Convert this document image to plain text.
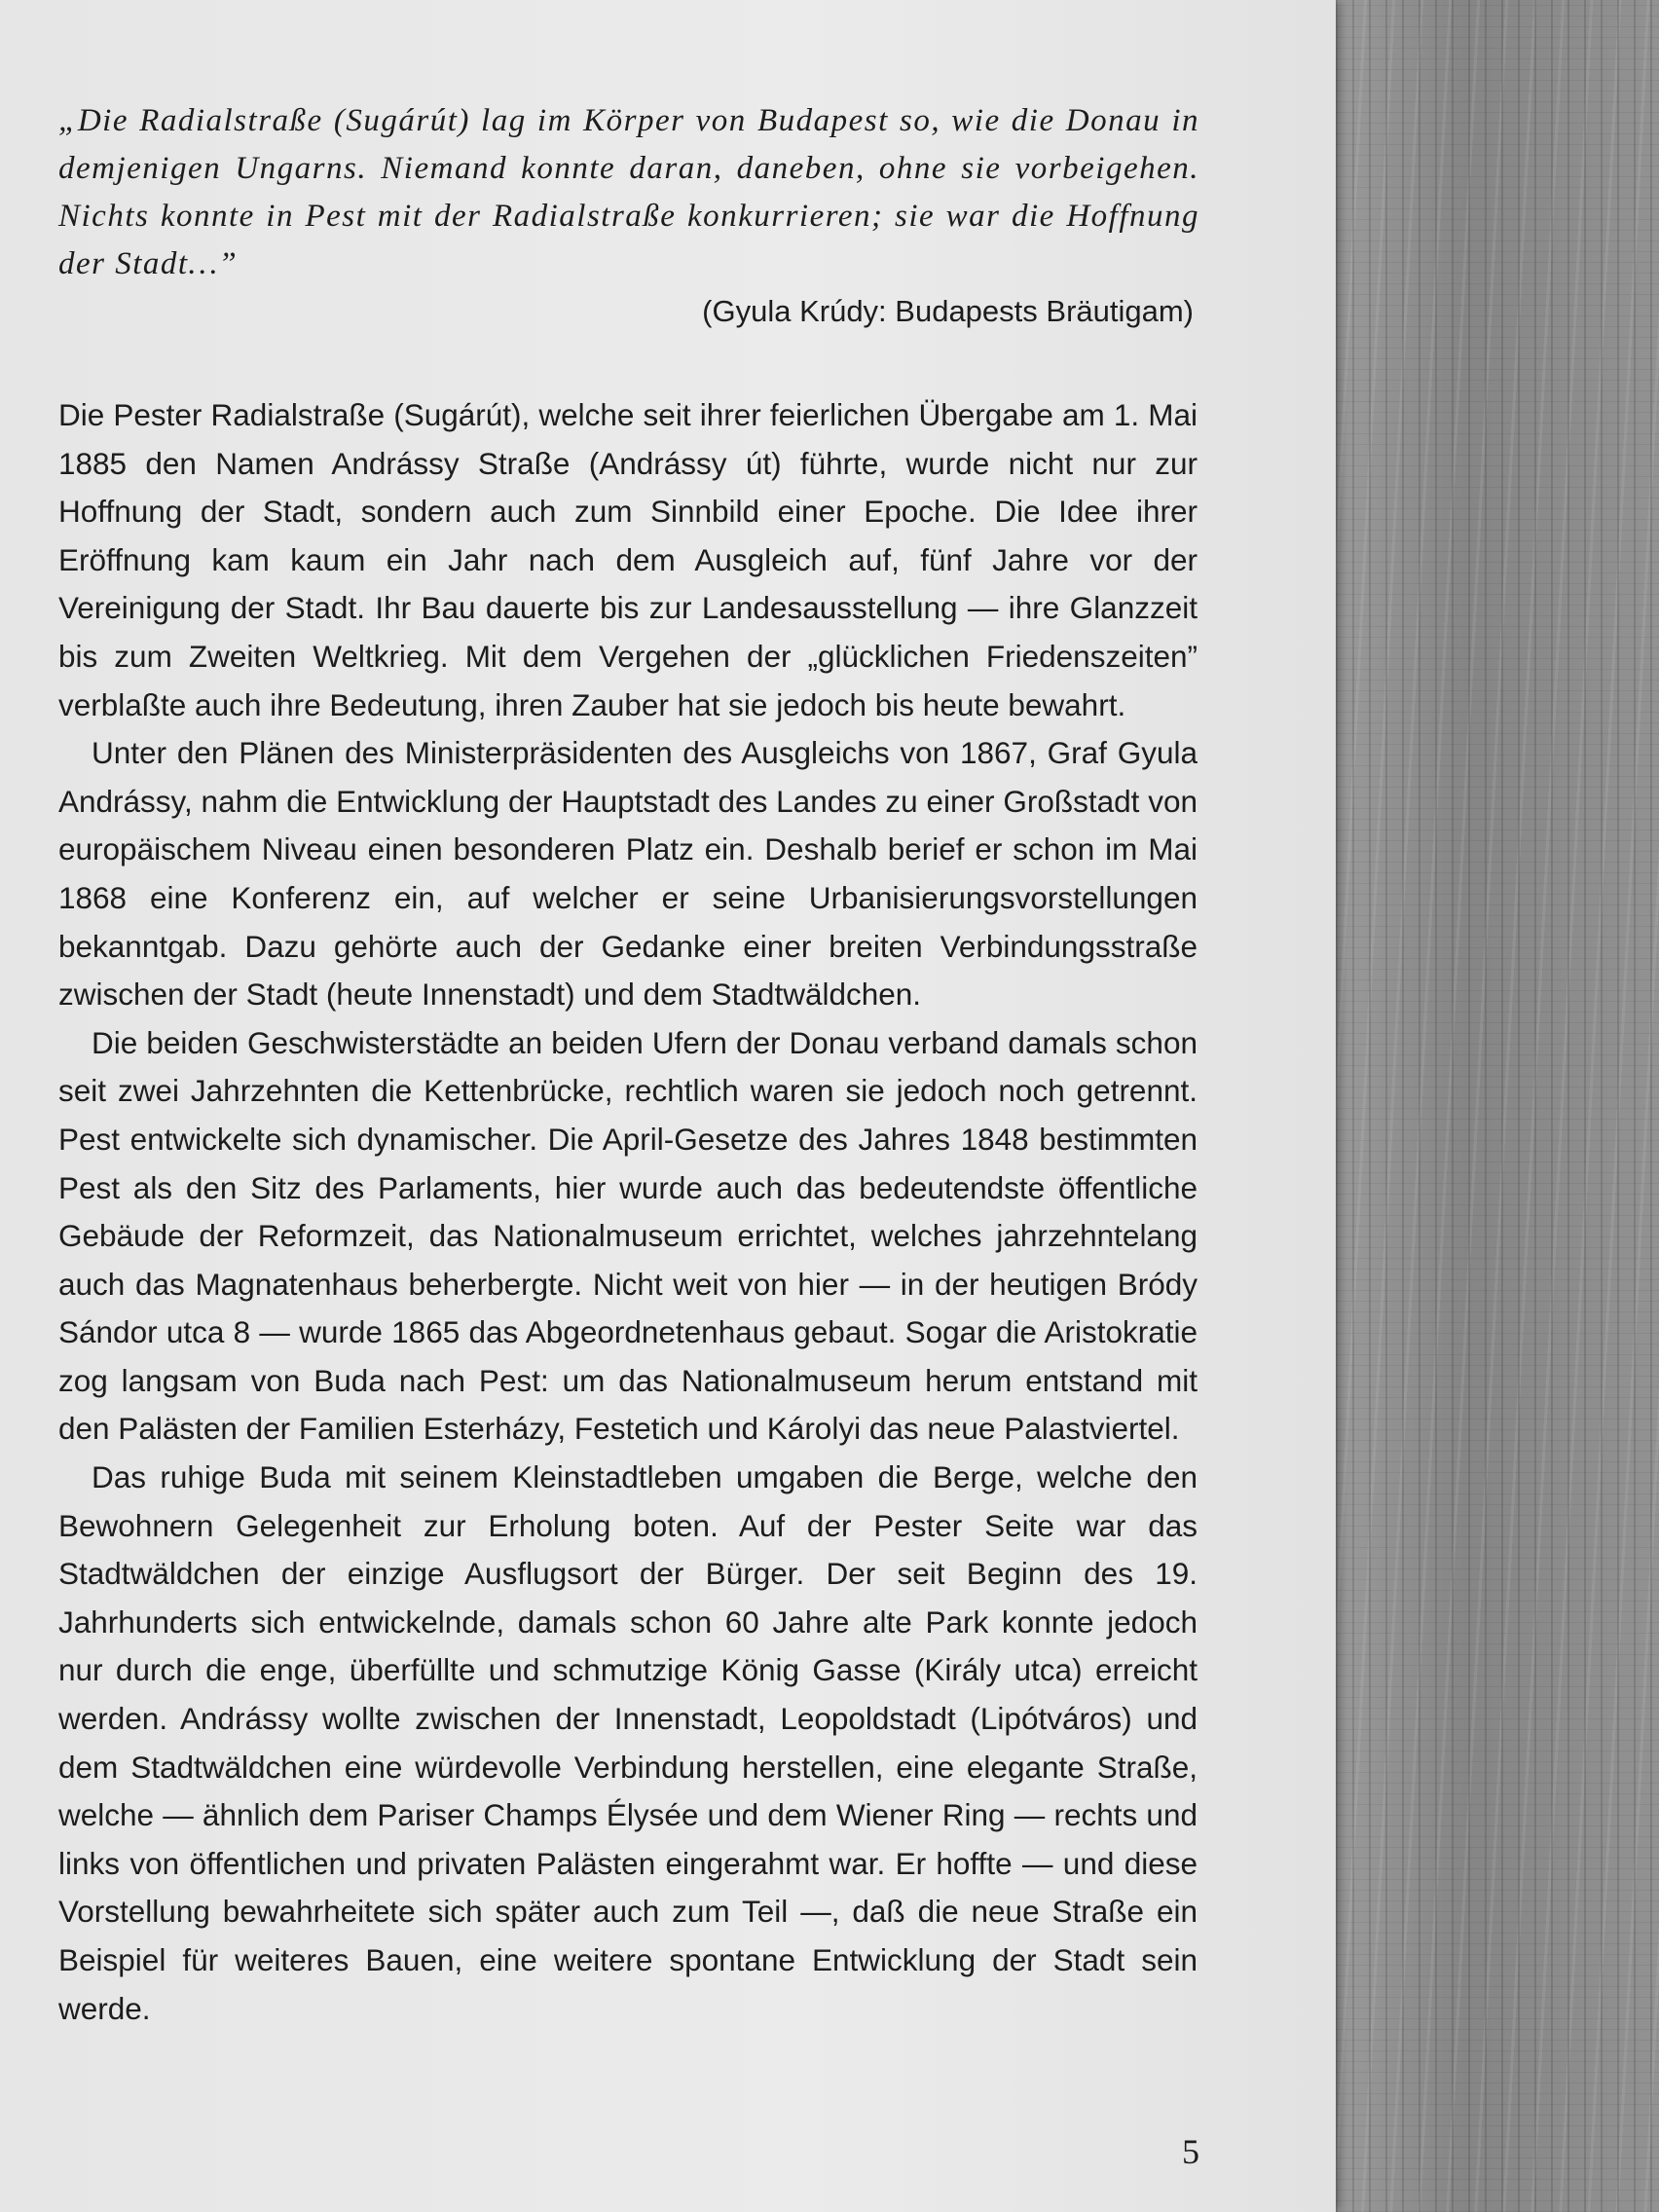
„Die Radialstraße (Sugárút) lag im Körper von Budapest so, wie die Donau in demjenigen Ungarns. Niemand konnte daran, daneben, ohne sie vorbeigehen. Nichts konnte in Pest mit der Radialstraße konkurrieren; sie war die Hoffnung der Stadt…”
(Gyula Krúdy: Budapests Bräutigam)

Die Pester Radialstraße (Sugárút), welche seit ihrer feierlichen Übergabe am 1. Mai 1885 den Namen Andrássy Straße (Andrássy út) führte, wurde nicht nur zur Hoffnung der Stadt, sondern auch zum Sinnbild einer Epoche. Die Idee ihrer Eröffnung kam kaum ein Jahr nach dem Ausgleich auf, fünf Jahre vor der Vereinigung der Stadt. Ihr Bau dauerte bis zur Landesausstellung — ihre Glanzzeit bis zum Zweiten Weltkrieg. Mit dem Vergehen der „glücklichen Friedenszeiten” verblaßte auch ihre Bedeutung, ihren Zauber hat sie jedoch bis heute bewahrt.

Unter den Plänen des Ministerpräsidenten des Ausgleichs von 1867, Graf Gyula Andrássy, nahm die Entwicklung der Hauptstadt des Landes zu einer Großstadt von europäischem Niveau einen besonderen Platz ein. Deshalb berief er schon im Mai 1868 eine Konferenz ein, auf welcher er seine Urbanisierungsvorstellungen bekanntgab. Dazu gehörte auch der Gedanke einer breiten Verbindungsstraße zwischen der Stadt (heute Innenstadt) und dem Stadtwäldchen.

Die beiden Geschwisterstädte an beiden Ufern der Donau verband damals schon seit zwei Jahrzehnten die Kettenbrücke, rechtlich waren sie jedoch noch getrennt. Pest entwickelte sich dynamischer. Die April-Gesetze des Jahres 1848 bestimmten Pest als den Sitz des Parlaments, hier wurde auch das bedeutendste öffentliche Gebäude der Reformzeit, das Nationalmuseum errichtet, welches jahrzehntelang auch das Magnatenhaus beherbergte. Nicht weit von hier — in der heutigen Bródy Sándor utca 8 — wurde 1865 das Abgeordnetenhaus gebaut. Sogar die Aristokratie zog langsam von Buda nach Pest: um das Nationalmuseum herum entstand mit den Palästen der Familien Esterházy, Festetich und Károlyi das neue Palastviertel.

Das ruhige Buda mit seinem Kleinstadtleben umgaben die Berge, welche den Bewohnern Gelegenheit zur Erholung boten. Auf der Pester Seite war das Stadtwäldchen der einzige Ausflugsort der Bürger. Der seit Beginn des 19. Jahrhunderts sich entwickelnde, damals schon 60 Jahre alte Park konnte jedoch nur durch die enge, überfüllte und schmutzige König Gasse (Király utca) erreicht werden. Andrássy wollte zwischen der Innenstadt, Leopoldstadt (Lipótváros) und dem Stadtwäldchen eine würdevolle Verbindung herstellen, eine elegante Straße, welche — ähnlich dem Pariser Champs Élysée und dem Wiener Ring — rechts und links von öffentlichen und privaten Palästen eingerahmt war. Er hoffte — und diese Vorstellung bewahrheitete sich später auch zum Teil —, daß die neue Straße ein Beispiel für weiteres Bauen, eine weitere spontane Entwicklung der Stadt sein werde.

5
